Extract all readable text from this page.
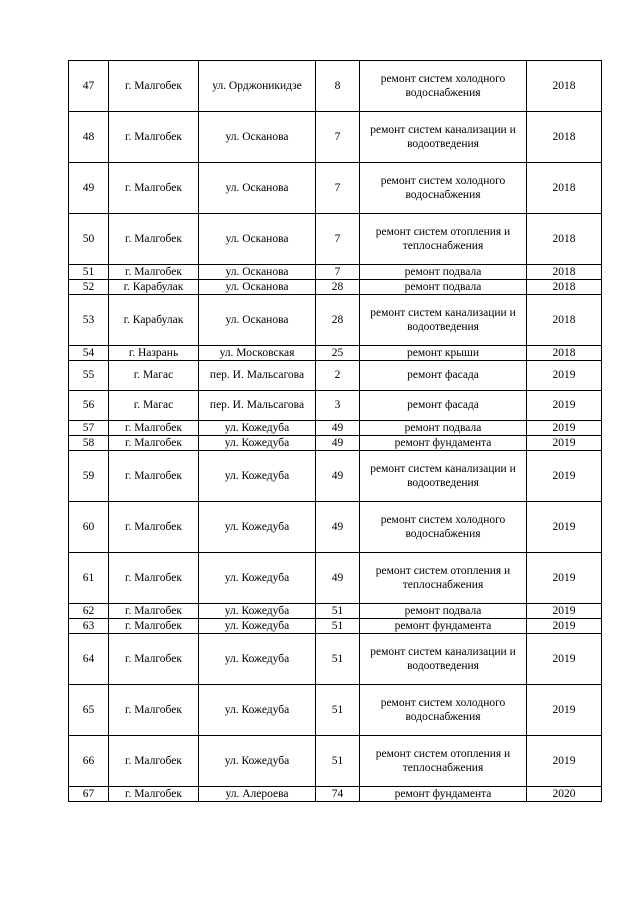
47	г. Малгобек	ул. Орджоникидзе	8	ремонт систем холодного водоснабжения	2018
48	г. Малгобек	ул. Осканова	7	ремонт систем канализации и водоотведения	2018
49	г. Малгобек	ул. Осканова	7	ремонт систем холодного водоснабжения	2018
50	г. Малгобек	ул. Осканова	7	ремонт систем отопления и теплоснабжения	2018
51	г. Малгобек	ул. Осканова	7	ремонт подвала	2018
52	г. Карабулак	ул. Осканова	28	ремонт подвала	2018
53	г. Карабулак	ул. Осканова	28	ремонт систем канализации и водоотведения	2018
54	г. Назрань	ул. Московская	25	ремонт крыши	2018
55	г. Магас	пер. И. Мальсагова	2	ремонт фасада	2019
56	г. Магас	пер. И. Мальсагова	3	ремонт фасада	2019
57	г. Малгобек	ул. Кожедуба	49	ремонт подвала	2019
58	г. Малгобек	ул. Кожедуба	49	ремонт фундамента	2019
59	г. Малгобек	ул. Кожедуба	49	ремонт систем канализации и водоотведения	2019
60	г. Малгобек	ул. Кожедуба	49	ремонт систем холодного водоснабжения	2019
61	г. Малгобек	ул. Кожедуба	49	ремонт систем отопления и теплоснабжения	2019
62	г. Малгобек	ул. Кожедуба	51	ремонт подвала	2019
63	г. Малгобек	ул. Кожедуба	51	ремонт фундамента	2019
64	г. Малгобек	ул. Кожедуба	51	ремонт систем канализации и водоотведения	2019
65	г. Малгобек	ул. Кожедуба	51	ремонт систем холодного водоснабжения	2019
66	г. Малгобек	ул. Кожедуба	51	ремонт систем отопления и теплоснабжения	2019
67	г. Малгобек	ул. Алероева	74	ремонт фундамента	2020
